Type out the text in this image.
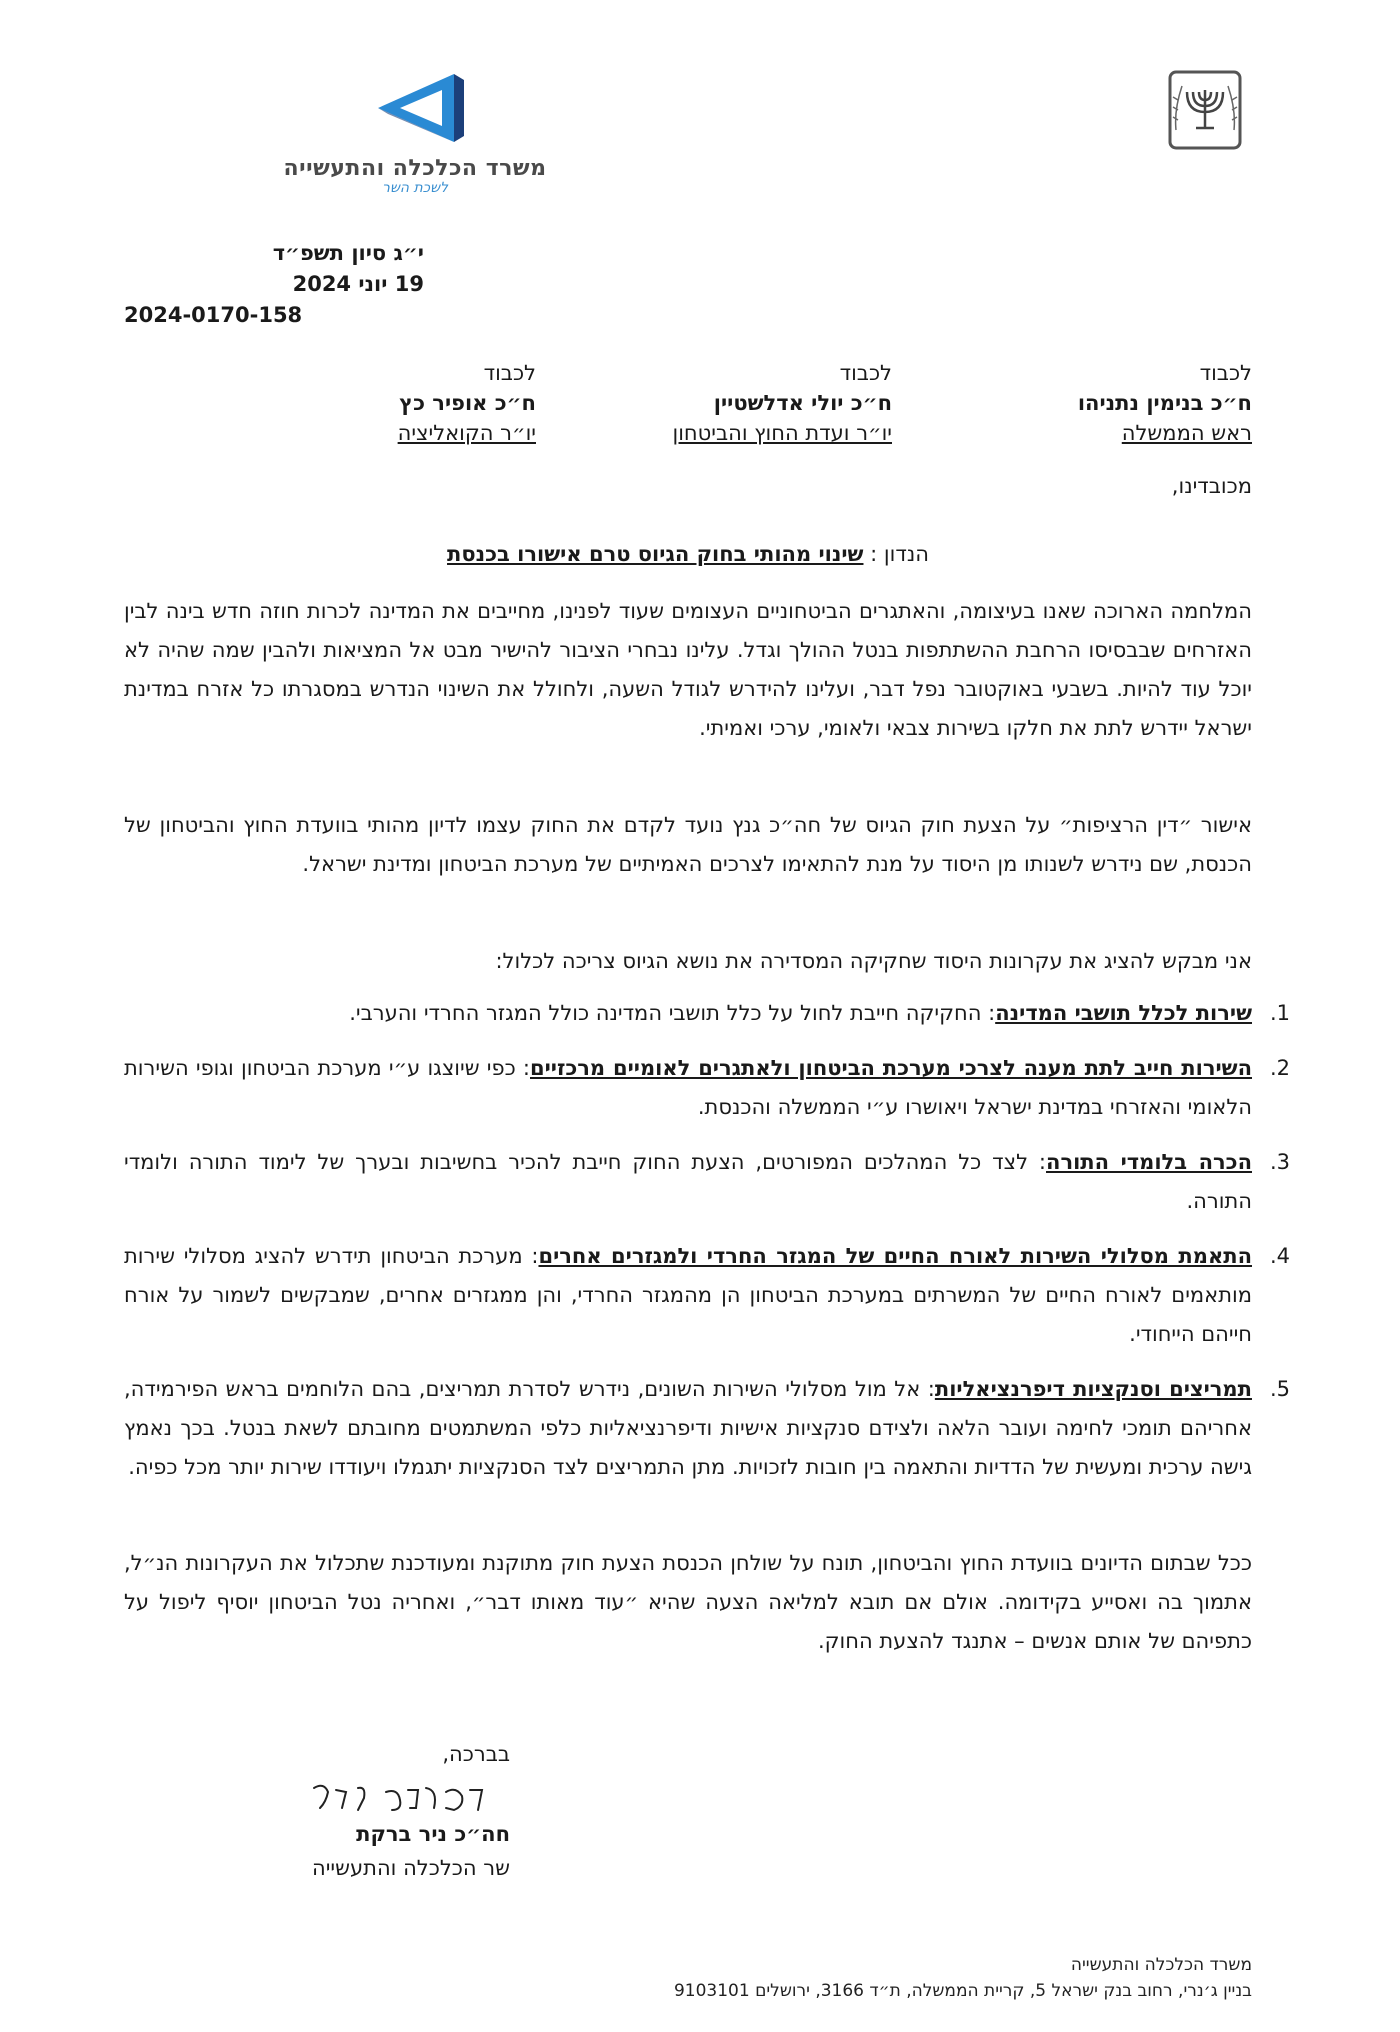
משרד הכלכלה והתעשייה
לשכת השר
י״ג סיון תשפ״ד
19 יוני 2024
2024-0170-158
לכבוד
ח״כ בנימין נתניהו
ראש הממשלה
לכבוד
ח״כ יולי אדלשטיין
יו״ר ועדת החוץ והביטחון
לכבוד
ח״כ אופיר כץ
יו״ר הקואליציה
מכובדינו,
הנדון : שינוי מהותי בחוק הגיוס טרם אישורו בכנסת
המלחמה הארוכה שאנו בעיצומה, והאתגרים הביטחוניים העצומים שעוד לפנינו, מחייבים את המדינה לכרות חוזה חדש בינה לבין האזרחים שבבסיסו הרחבת ההשתתפות בנטל ההולך וגדל. עלינו נבחרי הציבור להישיר מבט אל המציאות ולהבין שמה שהיה לא יוכל עוד להיות. בשבעי באוקטובר נפל דבר, ועלינו להידרש לגודל השעה, ולחולל את השינוי הנדרש במסגרתו כל אזרח במדינת ישראל יידרש לתת את חלקו בשירות צבאי ולאומי, ערכי ואמיתי.
אישור ״דין הרציפות״ על הצעת חוק הגיוס של חה״כ גנץ נועד לקדם את החוק עצמו לדיון מהותי בוועדת החוץ והביטחון של הכנסת, שם נידרש לשנותו מן היסוד על מנת להתאימו לצרכים האמיתיים של מערכת הביטחון ומדינת ישראל.
אני מבקש להציג את עקרונות היסוד שחקיקה המסדירה את נושא הגיוס צריכה לכלול:
1.
שירות לכלל תושבי המדינה: החקיקה חייבת לחול על כלל תושבי המדינה כולל המגזר החרדי והערבי.
2.
השירות חייב לתת מענה לצרכי מערכת הביטחון ולאתגרים לאומיים מרכזיים: כפי שיוצגו ע״י מערכת הביטחון וגופי השירות הלאומי והאזרחי במדינת ישראל ויאושרו ע״י הממשלה והכנסת.
3.
הכרה בלומדי התורה: לצד כל המהלכים המפורטים, הצעת החוק חייבת להכיר בחשיבות ובערך של לימוד התורה ולומדי התורה.
4.
התאמת מסלולי השירות לאורח החיים של המגזר החרדי ולמגזרים אחרים: מערכת הביטחון תידרש להציג מסלולי שירות מותאמים לאורח החיים של המשרתים במערכת הביטחון הן מהמגזר החרדי, והן ממגזרים אחרים, שמבקשים לשמור על אורח חייהם הייחודי.
5.
תמריצים וסנקציות דיפרנציאליות: אל מול מסלולי השירות השונים, נידרש לסדרת תמריצים, בהם הלוחמים בראש הפירמידה, אחריהם תומכי לחימה ועובר הלאה ולצידם סנקציות אישיות ודיפרנציאליות כלפי המשתמטים מחובתם לשאת בנטל. בכך נאמץ גישה ערכית ומעשית של הדדיות והתאמה בין חובות לזכויות. מתן התמריצים לצד הסנקציות יתגמלו ויעודדו שירות יותר מכל כפיה.
ככל שבתום הדיונים בוועדת החוץ והביטחון, תונח על שולחן הכנסת הצעת חוק מתוקנת ומעודכנת שתכלול את העקרונות הנ״ל, אתמוך בה ואסייע בקידומה. אולם אם תובא למליאה הצעה שהיא ״עוד מאותו דבר״, ואחריה נטל הביטחון יוסיף ליפול על כתפיהם של אותם אנשים – אתנגד להצעת החוק.
בברכה,
חה״כ ניר ברקת
שר הכלכלה והתעשייה
משרד הכלכלה והתעשייה
בניין ג׳נרי, רחוב בנק ישראל 5, קריית הממשלה, ת״ד 3166, ירושלים 9103101
